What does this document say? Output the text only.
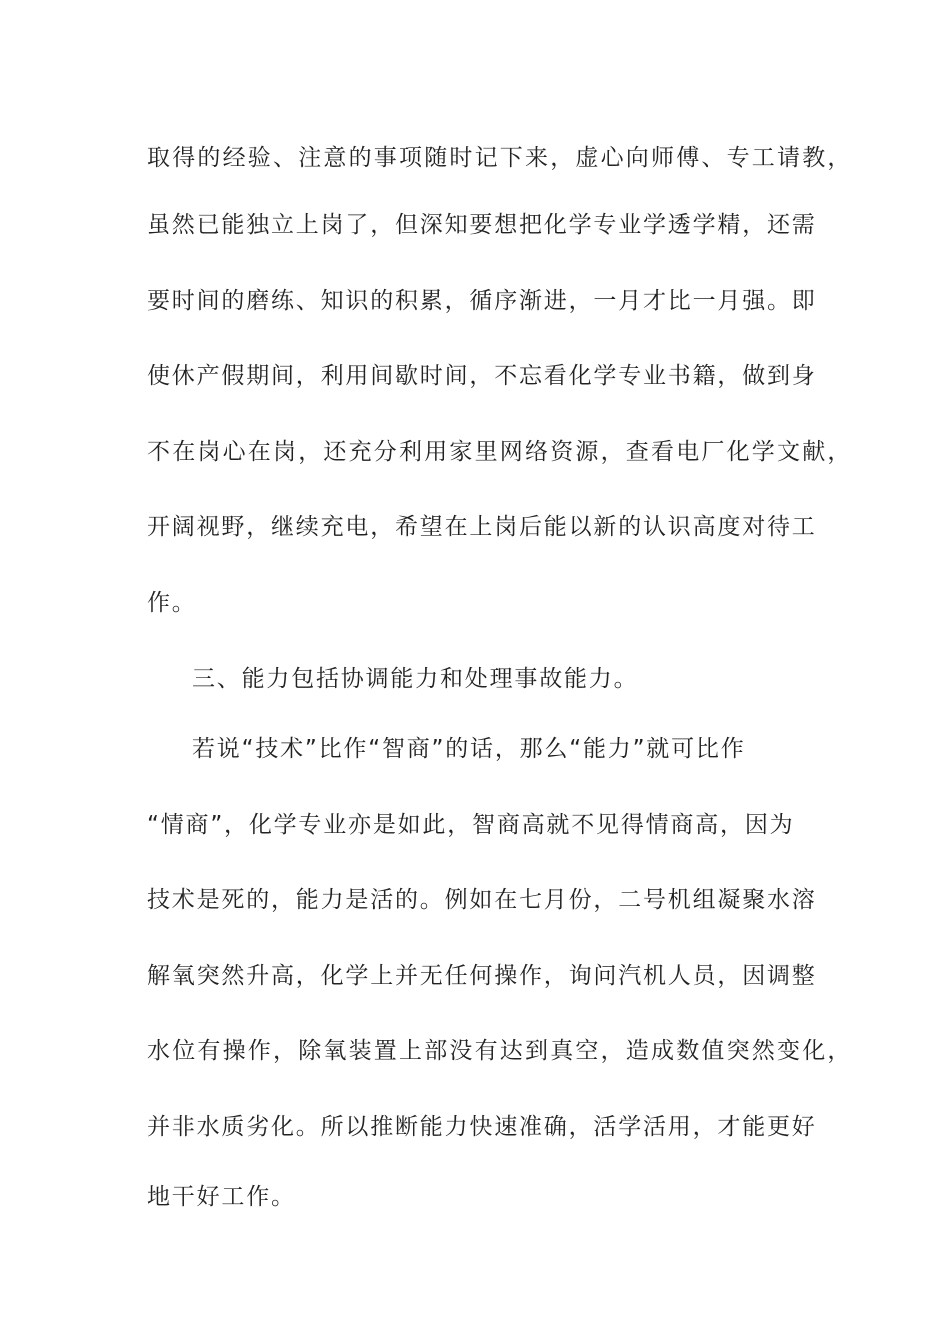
取得的经验、注意的事项随时记下来，虚心向师傅、专工请教，
虽然已能独立上岗了，但深知要想把化学专业学透学精，还需
要时间的磨练、知识的积累，循序渐进，一月才比一月强。即
使休产假期间，利用间歇时间，不忘看化学专业书籍，做到身
不在岗心在岗，还充分利用家里网络资源，查看电厂化学文献，
开阔视野，继续充电，希望在上岗后能以新的认识高度对待工
作。
三、能力包括协调能力和处理事故能力。
若说“技术”比作“智商”的话，那么“能力”就可比作
“情商”，化学专业亦是如此，智商高就不见得情商高，因为
技术是死的，能力是活的。例如在七月份，二号机组凝聚水溶
解氧突然升高，化学上并无任何操作，询问汽机人员，因调整
水位有操作，除氧装置上部没有达到真空，造成数值突然变化，
并非水质劣化。所以推断能力快速准确，活学活用，才能更好
地干好工作。
